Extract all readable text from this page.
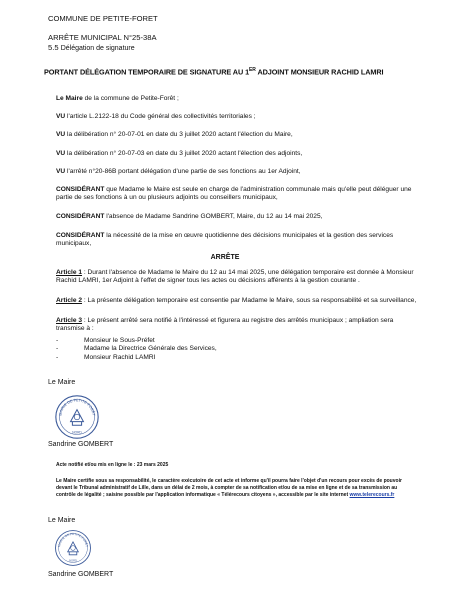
COMMUNE DE PETITE-FORET
ARRÊTE MUNICIPAL N°25-38A
5.5 Délégation de signature
PORTANT DÉLÉGATION TEMPORAIRE DE SIGNATURE AU 1ER ADJOINT MONSIEUR RACHID LAMRI
Le Maire de la commune de Petite-Forêt ;
VU l'article L.2122-18 du Code général des collectivités territoriales ;
VU la délibération n° 20-07-01 en date du 3 juillet 2020 actant l'élection du Maire,
VU la délibération n° 20-07-03 en date du 3 juillet 2020 actant l'élection des adjoints,
VU l'arrêté n°20-86B portant délégation d'une partie de ses fonctions au 1er Adjoint,
CONSIDÉRANT que Madame le Maire est seule en charge de l'administration communale mais qu'elle peut déléguer une partie de ses fonctions à un ou plusieurs adjoints ou conseillers municipaux,
CONSIDÉRANT l'absence de Madame Sandrine GOMBERT, Maire, du 12 au 14 mai 2025,
CONSIDÉRANT la nécessité de la mise en œuvre quotidienne des décisions municipales et la gestion des services municipaux,
ARRÊTE
Article 1 : Durant l'absence de Madame le Maire du 12 au 14 mai 2025, une délégation temporaire est donnée à Monsieur Rachid LAMRI, 1er Adjoint à l'effet de signer tous les actes ou décisions afférents à la gestion courante .
Article 2 : La présente délégation temporaire est consentie par Madame le Maire, sous sa responsabilité et sa surveillance,
Article 3 : Le présent arrêté sera notifié à l'intéressé et figurera au registre des arrêtés municipaux ; ampliation sera transmise à :
-	Monsieur le Sous-Préfet
-	Madame la Directrice Générale des Services,
-	Monsieur Rachid LAMRI
Le Maire
MAIRIE DE PETITE-FORÊT
NORD
Sandrine GOMBERT
Acte notifié et/ou mis en ligne le : 23 mars 2025
Le Maire certifie sous sa responsabilité, le caractère exécutoire de cet acte et informe qu'il pourra faire l'objet d'un recours pour excès de pouvoir devant le Tribunal administratif de Lille, dans un délai de 2 mois, à compter de sa notification et/ou de sa mise en ligne et de sa transmission au contrôle de légalité ; saisine possible par l'application informatique « Télérecours citoyens », accessible par le site internet www.telerecours.fr
Le Maire
MAIRIE DE PETITE-FORÊT
NORD
Sandrine GOMBERT
